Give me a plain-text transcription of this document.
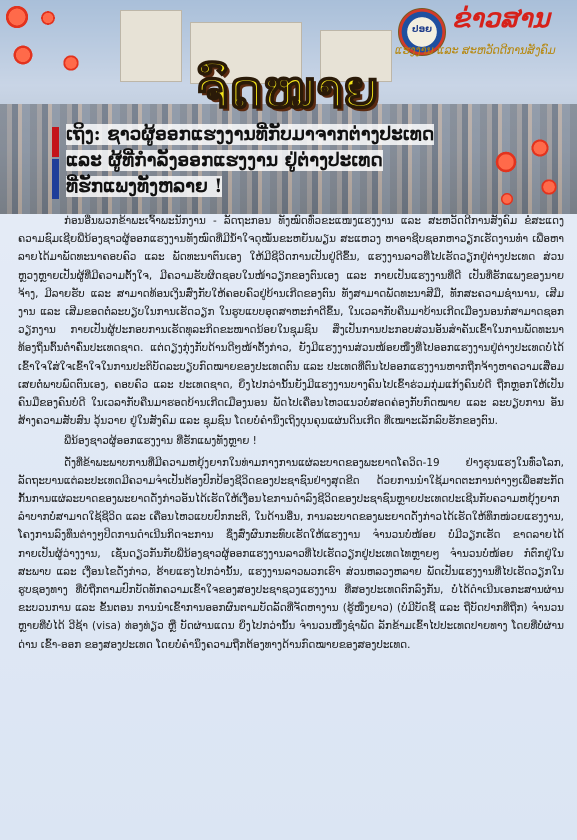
ປອຍ ຂ່າວສານ
ແຮງງານ ແລະ ສະຫວັດດີການສັງຄົມ
ຈົດໝາຍ
ເຖິງ: ຊາວຜູ້ອອກແຮງງານທີ່ກັບມາຈາກຕ່າງປະເທດ
ແລະ ຜູ້ທີ່ກໍາລັງອອກແຮງງານ ຢູ່ຕ່າງປະເທດ
ທີ່ຮັກແພງທັງຫລາຍ !
ກ່ອນອື່ນພວກຂ້າພະເຈົ້າພະນັກງານ - ລັດຖະກອນ ທັງໝົດທົ່ວຂະແໜງແຮງງານ ແລະ ສະຫວັດດີການສັງຄົມ ຂໍສະແດງຄວາມຊົມເຊີຍພີ່ນ້ອງຊາວຜູ້ອອກແຮງງານທັງໝົດທີ່ມີນໍ້າໃຈດຸໝັ່ນຂະຫຍັນພຽນ ສະແຫວງ ຫາອາຊີບຊອກຫາວຽກເຮັດງານທໍາ ເພື່ອຫາລາຍໄດ້ມາພັດທະນາຄອບຄົວ ແລະ ພັດທະນາຕົນເອງ ໃຫ້ມີຊີວິດການເປັນຢູ່ດີຂຶ້ນ, ແຮງງານລາວທີ່ໄປເຮັດວຽກຢູ່ຕ່າງປະເທດ ສ່ວນຫຼວງຫຼາຍເປັນຜູ້ທີ່ມີຄວາມຕັ້ງໃຈ, ມີຄວາມຮັບຜິດຊອບໃນໜ້າວຽກຂອງຕົນເອງ ແລະ ກາຍເປັນແຮງງານທີ່ດີ ເປັນທີ່ຮັກແພງຂອງນາຍຈ້າງ, ມີລາຍຮັບ ແລະ ສາມາດທ້ອນເງິນສົ່ງກັບໃຫ້ຄອບຄົວຢູ່ບ້ານເກີດຂອງຕົນ ທັງສາມາດພັດທະນາສີມື, ທັກສະຄວາມຊໍານານ, ເສີມງານ ແລະ ເສີມຂອດຕໍ່ລະບຽບໃນການເຮັດວຽກ ໃນຮູບແບບອຸດສາຫະກໍາດີຂຶ້ນ, ໃນເວລາກັບຄືນມາບ້ານເກີດເມືອງນອນກໍສາມາດຊອກວຽກງານ ກາຍເປັນຜູ້ປະກອບການເຮັດທຸລະກິດຂະໜາດນ້ອຍໃນຊຸມຊົນ ສິ່ງເປັນການປະກອບສ່ວນອັນສໍາຄັນເຂົ້າໃນການພັດທະນາທ້ອງຖິ່ນຕົ້ນຕໍ່າຄົ່ນປະເທດຊາດ. ແຕ່ດຽງກຸ່ງກັບດ້ານດີໆໜ້າຕັ້ງກ່າວ, ຍັງມີແຮງງານສ່ວນໜ້ອຍໜຶ່ງທີ່ໄປອອກແຮງງານຢູ່ຕ່າງປະເທດບໍ່ໄດ້ເຂົ້າໃຈໃສ່ໃຈເຂົ້າໃຈໃນການປະຕິບັດລະບຽບກົດໝາຍຂອງປະເທດຕົນ ແລະ ປະເທດທີ່ຕົນໄປອອກແຮງງານຫາກຖືກຈ້າງຫາຄວາມເສື່ອມເສຍຕໍ່ພາບພົດຕົນເອງ, ຄອບຄົວ ແລະ ປະເທດຊາດ, ຍິ່ງໄປກວ່ານັ້ນຍັງມີແຮງງານບາງຄົນໄປເຂົ້າຮ່ວມກຸ່ມແກ້ງຄົນບໍ່ດີ ຖືກຫຼອກໃຫ້ເປັນຄົນມືຂອງຄົນບໍ່ດີ ໃນເວລາກັບຄືນມາຮອດບ້ານເກີດເມືອງນອນ ພັດໄປເຄື່ອນໄຫວແນວບໍ່ສອດຄ່ອງກັບກົດໝາຍ ແລະ ລະບຽບການ ອັນສ້າງຄວາມສັບສົນ ວຸ້ນວາຍ ຢູ່ໃນສັງຄົມ ແລະ ຊຸມຊົນ ໂດຍບໍ່ຄໍານຶງເຖິງບຸນຄຸນແຜ່ນດິນເກີດ ທີ່ເໝາະເລັກລົບຮັກຂອງຕົນ.
ພີ່ນ້ອງຊາວຜູ້ອອກແຮງງານ ທີ່ຮັກແພງທັງຫຼາຍ !
ດັ່ງທີ່ຂ້າພະພາບການທີ່ມີຄວາມຫຍຸ້ງຍາກໃນທ່າມກາງການແຜ່ລະບາດຂອງພະຍາດໂຄວິດ-19 ຢ່າງຮຸນແຮງໃນທົ່ວໂລກ, ລັດຖະບານແຕ່ລະປະເທດມີຄວາມຈໍາເປັນຕ້ອງປົກປ້ອງຊີວິດຂອງປະຊາຊົນຢ່າງສຸດຂີດ ດ້ວຍການນໍາໃຊ້ມາດຕະການຕ່າງໆເພື່ອສະກັດກັ້ນການແຜ່ລະບາດຂອງພະຍາດດັ່ງກ່າວອັນໄດ້ເຮັດໃຫ້ເງື່ອນໄຂການດໍາລົງຊີວິດຂອງປະຊາຊົນຫຼາຍປະເທດປະເຊີນກັບຄວາມຫຍຸ້ງຍາກລໍາບາກບໍ່ສາມາດໃຊ້ຊີວິດ ແລະ ເຄື່ອນໄຫວແບບປົກກະຕິ, ໃນດ້ານອື່ນ, ການລະບາດຂອງພະຍາດດັ່ງກ່າວໄດ້ເຮັດໃຫ້ທຶກໜ່ວຍແຮງງານ, ໂຄງການລົງທຶນຕ່າງໆປິດການດໍາເນີນກິດຈະການ ຊຶ່ງສົ່ງຜົນກະທົບເຮັດໃຫ້ແຮງງານ ຈໍານວນບໍ່ໜ້ອຍ ບໍ່ມີວຽກເຮັດ ຂາດລາຍໄດ້ກາຍເປັນຜູ້ວ່າງງານ, ເຊັ່ນດຽວກັນກັບພີ່ນ້ອງຊາວຜູ້ອອກແຮງງານລາວທີ່ໄປເຮັດວຽກຢູ່ປະເທດໄທຫຼາຍໆ ຈໍານວນບໍ່ໜ້ອຍ ກໍຕົກຢູ່ໃນສະພາບ ແລະ ເງື່ອນໄຂດັ່ງກ່າວ, ຮ້າຍແຮງໄປກວ່ານັ້ນ, ແຮງງານລາວພວກເຮົາ ສ່ວນຫລວງຫລາຍ ພັດເປັນແຮງງານທີ່ໄປເຮັດວຽກໃນຮູບຊອງທາງ ທີ່ບໍ່ຖືກຕາມປົກບັດທັກຄວາມເຂົ້າໃຈຂອງສອງປະຊາຊວງແຮງງານ ທີ່ສອງປະເທດຕົກລົງກັນ, ບໍ່ໄດ້ດໍາເນີນເອກະສານຜ່ານຂະບວນການ ແລະ ຂັ້ນຕອນ ການນໍາເຂົ້າການອອກຜົນຕາມບັດລັດທີ່ຈັດຫາງານ (ຮູ້ໜຶ່ງຍາວ) (ບໍ່ມີບັດຊີ້ ແລະ ຖືບັດປາກທີ່ຖືກ) ຈໍານວນຫຼາຍທີ່ບໍ່ໄດ້ ວີຊ້າ (visa) ທ່ອງທ່ຽວ ຫຼື ບັດຜ່ານແດນ ຍິ່ງໄປກວ່ານັ້ນ ຈໍານວນໜຶ່ງຊໍາພັດ ລັກຂ້າມເຂົ້າໄປປະເທດປາຍທາງ ໂດຍທີ່ບໍ່ຜ່ານດ່ານ ເຂົ້າ-ອອກ ຂອງສອງປະເທດ ໂດຍບໍ່ຄໍານຶງຄວາມຖືກຕ້ອງທາງດ້ານກົດໝາຍຂອງສອງປະເທດ.
